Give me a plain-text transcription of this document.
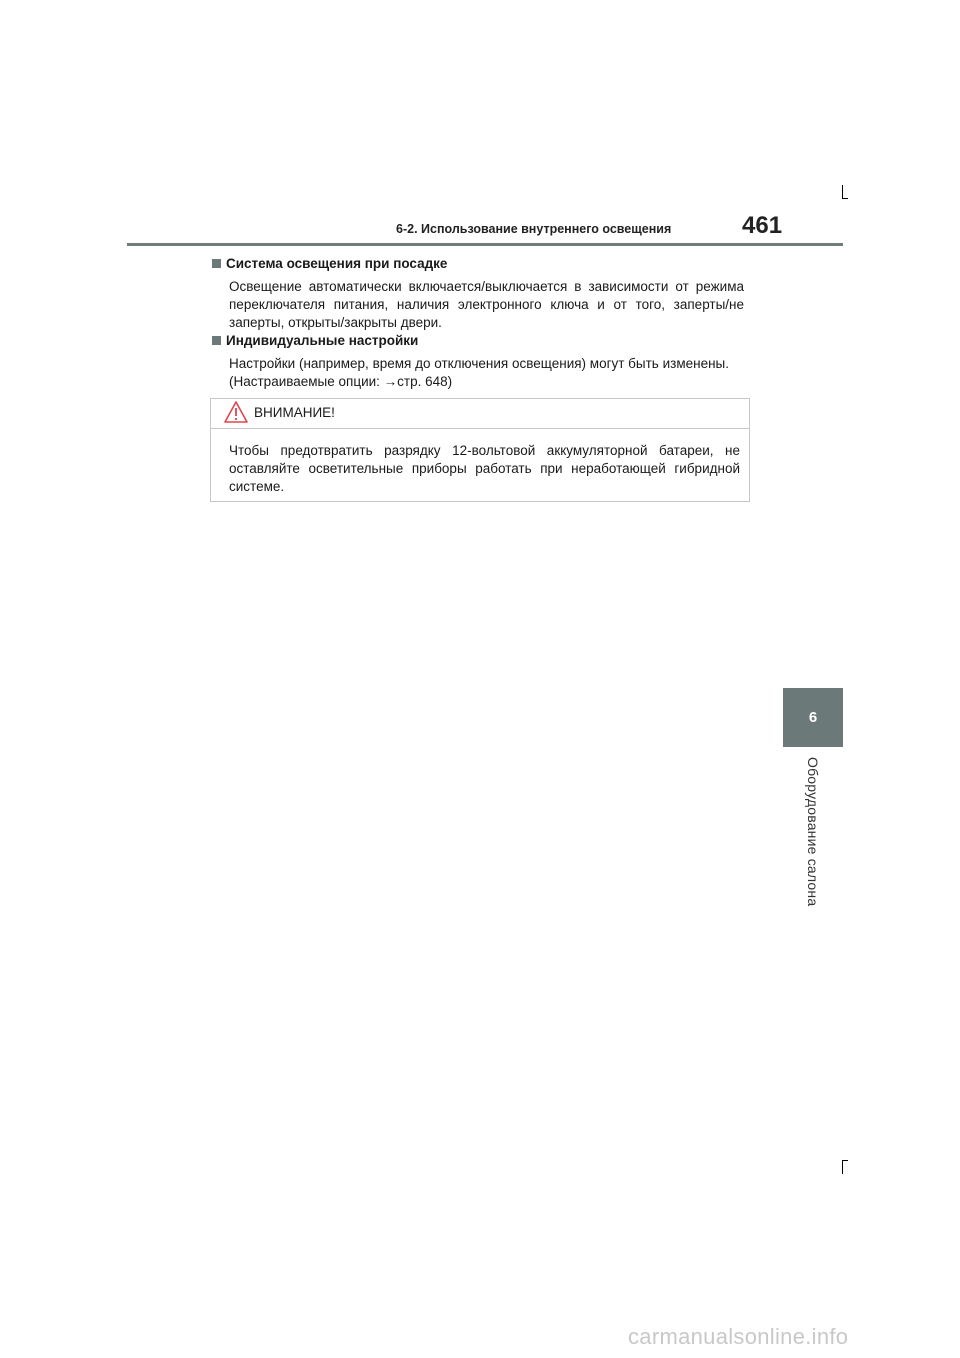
6-2. Использование внутреннего освещения	461
6
Оборудование салона
Система освещения при посадке
Освещение автоматически включается/выключается в зависимости от режима
переключателя питания, наличия электронного ключа и от того, заперты/не
заперты, открыты/закрыты двери.
Индивидуальные настройки
Настройки (например, время до отключения освещения) могут быть изменены.
(Настраиваемые опции: →стр. 648)
ВНИМАНИЕ!
Чтобы предотвратить разрядку 12-вольтовой аккумуляторной батареи, не
оставляйте осветительные приборы работать при неработающей гибридной
системе.
carmanualsonline.info
